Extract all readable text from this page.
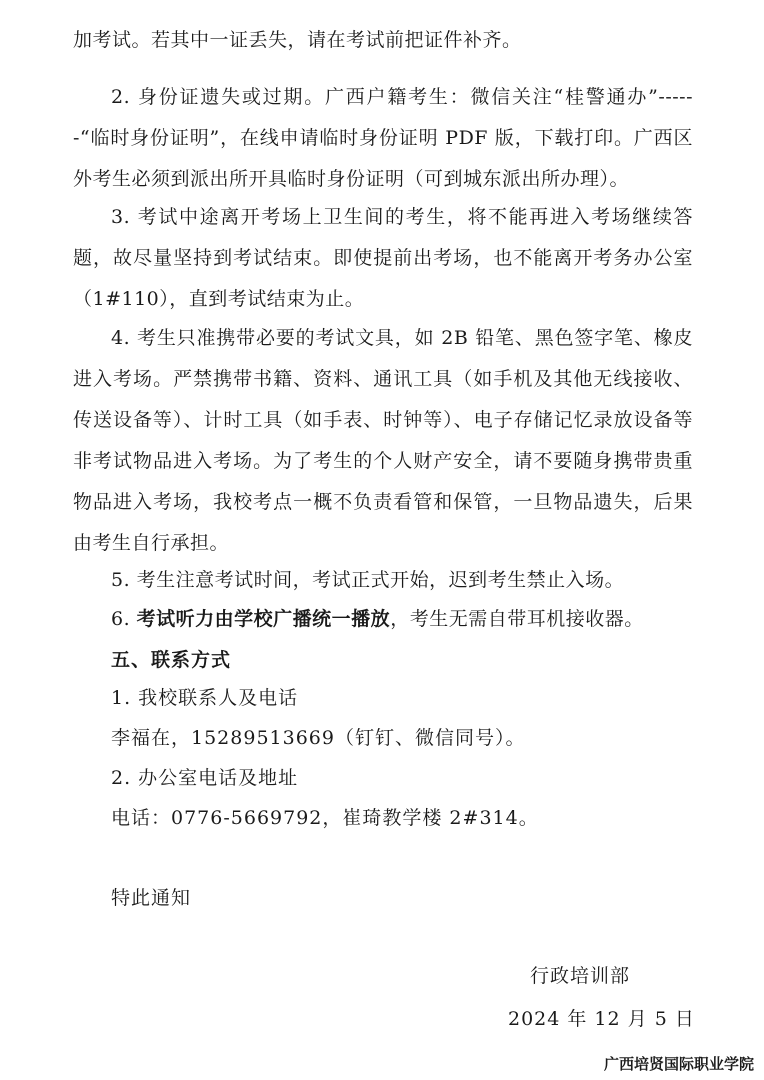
加考试。若其中一证丢失，请在考试前把证件补齐。

2. 身份证遗失或过期。广西户籍考生：微信关注“桂警通办”------“临时身份证明”，在线申请临时身份证明 PDF 版，下载打印。广西区外考生必须到派出所开具临时身份证明（可到城东派出所办理）。

3. 考试中途离开考场上卫生间的考生，将不能再进入考场继续答题，故尽量坚持到考试结束。即使提前出考场，也不能离开考务办公室（1#110），直到考试结束为止。

4. 考生只准携带必要的考试文具，如 2B 铅笔、黑色签字笔、橡皮进入考场。严禁携带书籍、资料、通讯工具（如手机及其他无线接收、传送设备等）、计时工具（如手表、时钟等）、电子存储记忆录放设备等非考试物品进入考场。为了考生的个人财产安全，请不要随身携带贵重物品进入考场，我校考点一概不负责看管和保管，一旦物品遗失，后果由考生自行承担。

5. 考生注意考试时间，考试正式开始，迟到考生禁止入场。

6. 考试听力由学校广播统一播放，考生无需自带耳机接收器。

五、联系方式

1. 我校联系人及电话

李福在，15289513669（钉钉、微信同号）。

2. 办公室电话及地址

电话：0776-5669792，崔琦教学楼 2#314。

特此通知

行政培训部

2024 年 12 月 5 日

广西培贤国际职业学院
